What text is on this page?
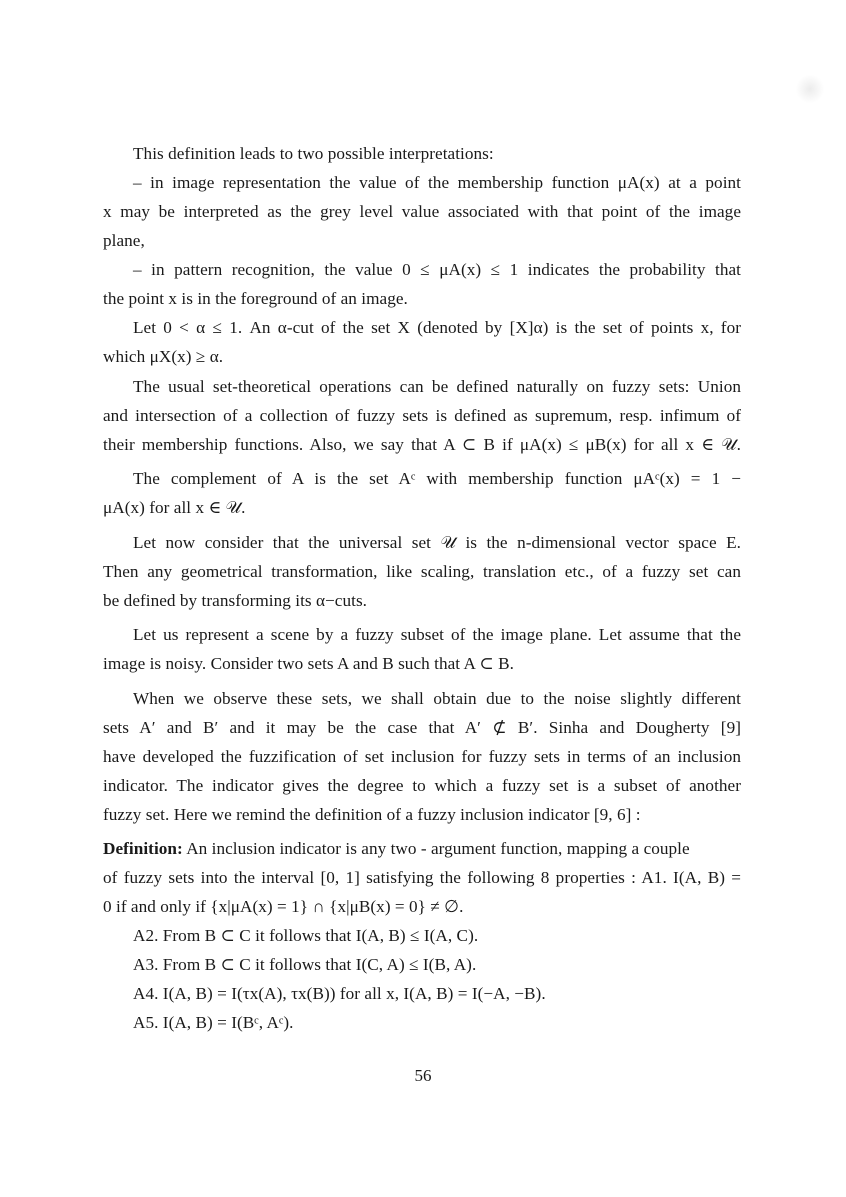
This definition leads to two possible interpretations:
– in image representation the value of the membership function μA(x) at a point
x may be interpreted as the grey level value associated with that point of the image
plane,
– in pattern recognition, the value 0 ≤ μA(x) ≤ 1 indicates the probability that
the point x is in the foreground of an image.
Let 0 < α ≤ 1. An α-cut of the set X (denoted by [X]α) is the set of points x, for
which μX(x) ≥ α.
The usual set-theoretical operations can be defined naturally on fuzzy sets: Union
and intersection of a collection of fuzzy sets is defined as supremum, resp. infimum of
their membership functions. Also, we say that A ⊂ B if μA(x) ≤ μB(x) for all x ∈ 𝒰.
The complement of A is the set Aᶜ with membership function μAᶜ(x) = 1 −
μA(x) for all x ∈ 𝒰.
Let now consider that the universal set 𝒰 is the n-dimensional vector space E.
Then any geometrical transformation, like scaling, translation etc., of a fuzzy set can
be defined by transforming its α−cuts.
Let us represent a scene by a fuzzy subset of the image plane. Let assume that the
image is noisy. Consider two sets A and B such that A ⊂ B.
When we observe these sets, we shall obtain due to the noise slightly different
sets A′ and B′ and it may be the case that A′ ⊄ B′. Sinha and Dougherty [9]
have developed the fuzzification of set inclusion for fuzzy sets in terms of an inclusion
indicator. The indicator gives the degree to which a fuzzy set is a subset of another
fuzzy set. Here we remind the definition of a fuzzy inclusion indicator [9, 6] :
Definition: An inclusion indicator is any two - argument function, mapping a couple
of fuzzy sets into the interval [0, 1] satisfying the following 8 properties : A1. I(A, B) =
0 if and only if {x|μA(x) = 1} ∩ {x|μB(x) = 0} ≠ ∅.
A2. From B ⊂ C it follows that I(A, B) ≤ I(A, C).
A3. From B ⊂ C it follows that I(C, A) ≤ I(B, A).
A4. I(A, B) = I(τx(A), τx(B)) for all x, I(A, B) = I(−A, −B).
A5. I(A, B) = I(Bᶜ, Aᶜ).
56
